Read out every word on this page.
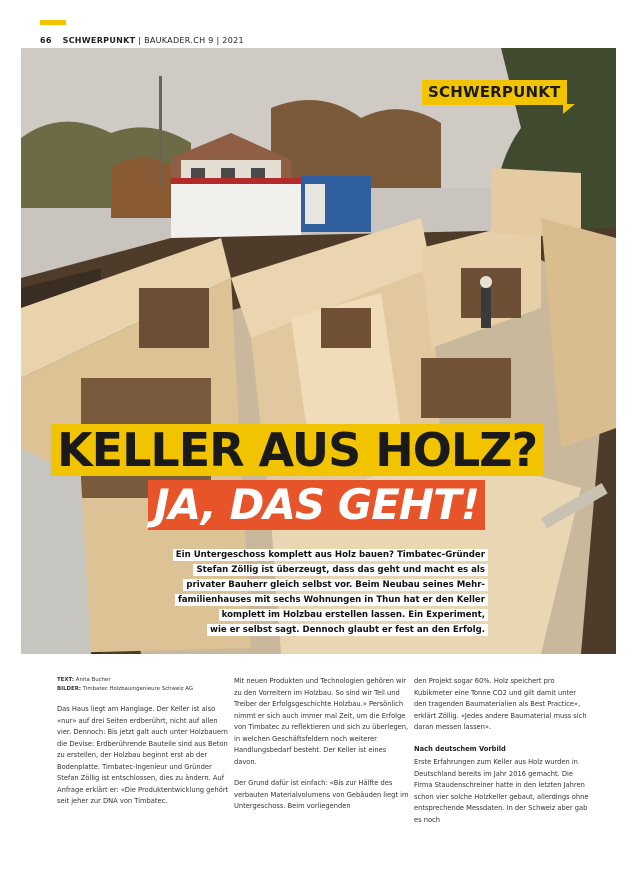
66 SCHWERPUNKT | BAUKADER.CH 9 | 2021
SCHWERPUNKT
KELLER AUS HOLZ?
JA, DAS GEHT!
Ein Untergeschoss komplett aus Holz bauen? Timbatec-Gründer
Stefan Zöllig ist überzeugt, dass das geht und macht es als
privater Bauherr gleich selbst vor. Beim Neubau seines Mehr-
familienhauses mit sechs Wohnungen in Thun hat er den Keller
komplett im Holzbau erstellen lassen. Ein Experiment,
wie er selbst sagt. Dennoch glaubt er fest an den Erfolg.
TEXT: Anita Bucher
BILDER: Timbatec Holzbauingenieure Schweiz AG

Das Haus liegt am Hanglage. Der Keller ist also «nur» auf drei Seiten erdberührt, nicht auf allen vier. Dennoch: Bis jetzt galt auch unter Holzbauern die Devise: Erdberührende Bauteile sind aus Beton zu erstellen, der Holzbau beginnt erst ab der Bodenplatte. Timbatec-Ingenieur und Gründer Stefan Zöllig ist entschlossen, dies zu ändern. Auf Anfrage erklärt er: «Die Produktentwicklung gehört seit jeher zur DNA von Timbatec.

Mit neuen Produkten und Technologien gehören wir zu den Vorreitern im Holzbau. So sind wir Teil und Treiber der Erfolgsgeschichte Holzbau.» Persönlich nimmt er sich auch immer mal Zeit, um die Erfolge von Timbatec zu reflektieren und sich zu überlegen, in welchen Geschäftsfeldern noch weiterer Handlungsbedarf besteht. Der Keller ist eines davon.

Der Grund dafür ist einfach: «Bis zur Hälfte des verbauten Materialvolumens von Gebäuden liegt im Untergeschoss. Beim vorliegenden

den Projekt sogar 60%. Holz speichert pro Kubikmeter eine Tonne CO2 und gilt damit unter den tragenden Baumaterialien als Best Practice», erklärt Zöllig. «Jedes andere Baumaterial muss sich daran messen lassen».

Nach deutschem Vorbild

Erste Erfahrungen zum Keller aus Holz wurden in Deutschland bereits im Jahr 2016 gemacht. Die Firma Staudenschreiner hatte in den letzten Jahren schon vier solche Holzkeller gebaut, allerdings ohne entsprechende Messdaten. In der Schweiz aber gab es noch
